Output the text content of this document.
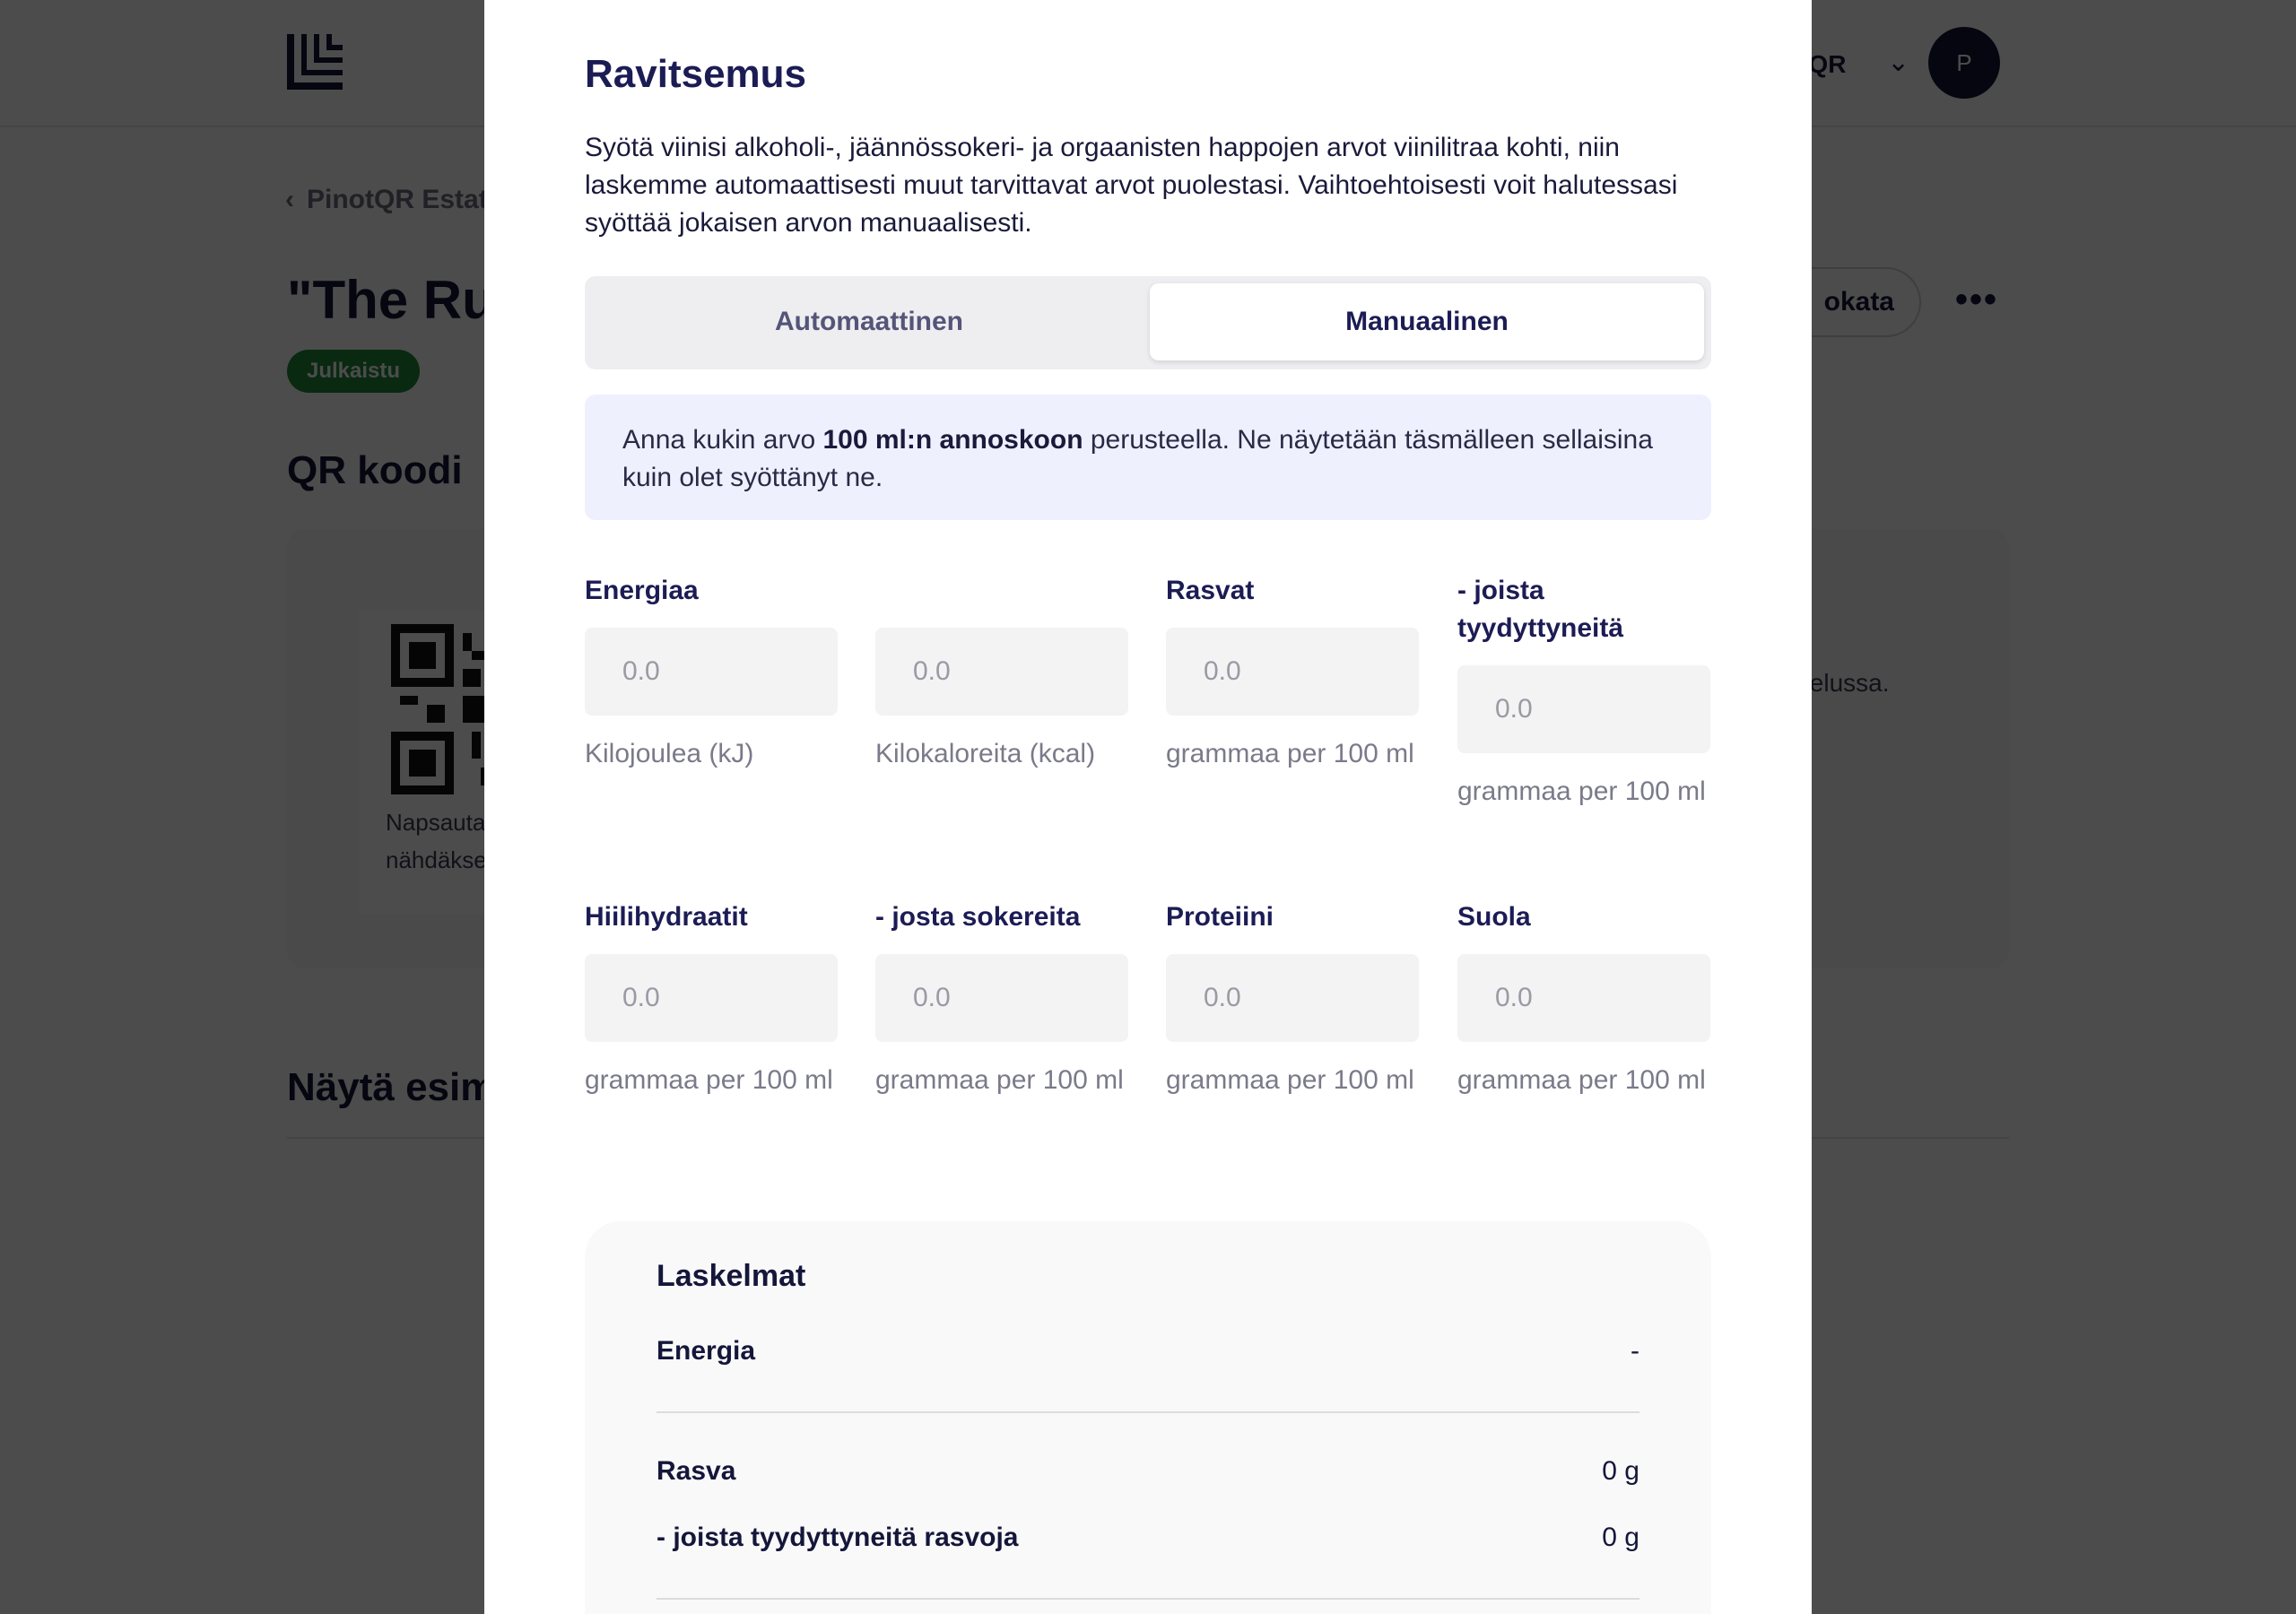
Ravitsemus

Syötä viinisi alkoholi-, jäännössokeri- ja orgaanisten happojen arvot viinilitraa kohti, niin laskemme automaattisesti muut tarvittavat arvot puolestasi. Vaihtoehtoisesti voit halutessasi syöttää jokaisen arvon manuaalisesti.

Automaattinen	Manuaalinen
Anna kukin arvo 100 ml:n annoskoon perusteella. Ne näytetään täsmälleen sellaisina kuin olet syöttänyt ne.
Energiaa
0.0
Kilojoulea (kJ)
0.0	Kilokaloreita (kcal)
Rasvat
0.0
grammaa per 100 ml
- joista tyydyttyneitä
0.0
grammaa per 100 ml
Hiilihydraatit
0.0
grammaa per 100 ml
- josta sokereita
0.0
grammaa per 100 ml
Proteiini
0.0
grammaa per 100 ml
Suola
0.0
grammaa per 100 ml
Laskelmat
Energia	-
Rasva	0 g
- joista tyydyttyneitä rasvoja	0 g
